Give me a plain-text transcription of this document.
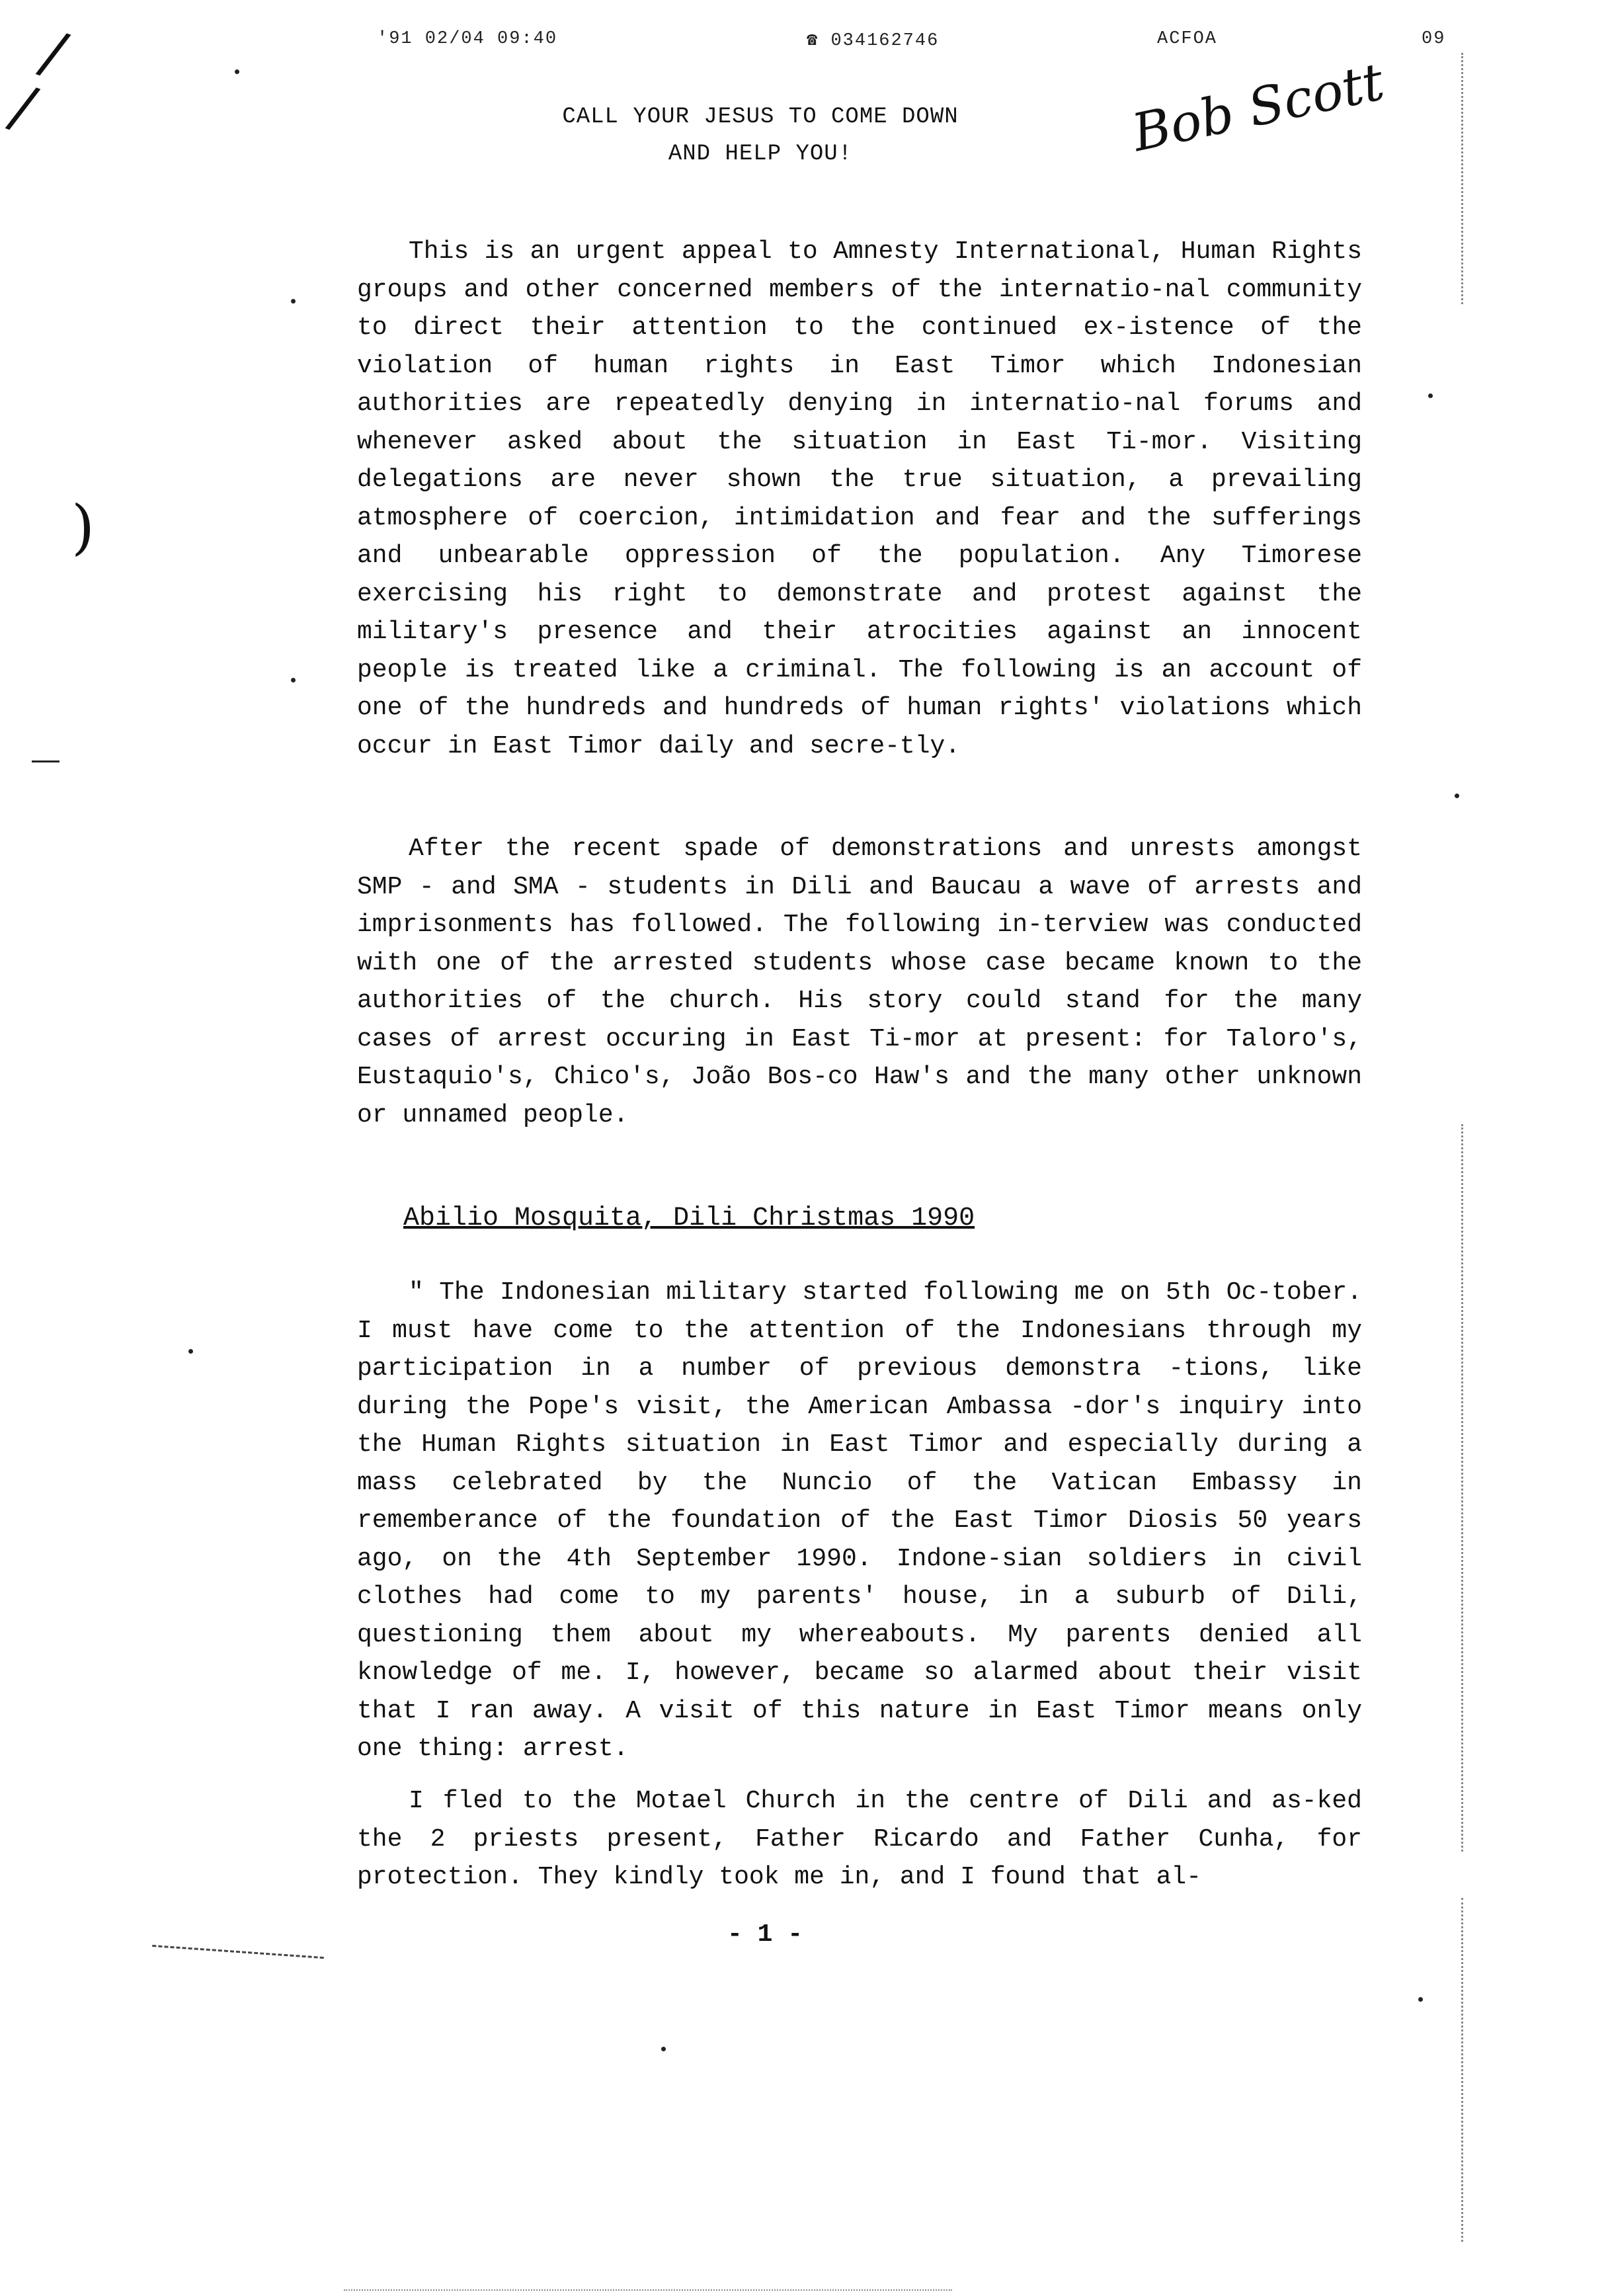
'91 02/04 09:40	☎ 034162746	ACFOA	09
CALL YOUR JESUS TO COME DOWN
AND HELP YOU!	Bob Scott

This is an urgent appeal to Amnesty International, Human Rights groups and other concerned members of the internatio-nal community to direct their attention to the continued ex-istence of the violation of human rights in East Timor which Indonesian authorities are repeatedly denying in internatio-nal forums and whenever asked about the situation in East Ti-mor. Visiting delegations are never shown the true situation, a prevailing atmosphere of coercion, intimidation and fear and the sufferings and unbearable oppression of the population. Any Timorese exercising his right to demonstrate and protest against the military's presence and their atrocities against an innocent people is treated like a criminal. The following is an account of one of the hundreds and hundreds of human rights' violations which occur in East Timor daily and secre-tly.

After the recent spade of demonstrations and unrests amongst SMP - and SMA - students in Dili and Baucau a wave of arrests and imprisonments has followed. The following in-terview was conducted with one of the arrested students whose case became known to the authorities of the church. His story could stand for the many cases of arrest occuring in East Ti-mor at present: for Taloro's, Eustaquio's, Chico's, João Bos-co Haw's and the many other unknown or unnamed people.

Abilio Mosquita, Dili Christmas 1990

" The Indonesian military started following me on 5th Oc-tober. I must have come to the attention of the Indonesians through my participation in a number of previous demonstra -tions, like during the Pope's visit, the American Ambassa -dor's inquiry into the Human Rights situation in East Timor and especially during a mass celebrated by the Nuncio of the Vatican Embassy in rememberance of the foundation of the East Timor Diosis 50 years ago, on the 4th September 1990. Indone-sian soldiers in civil clothes had come to my parents' house, in a suburb of Dili, questioning them about my whereabouts. My parents denied all knowledge of me. I, however, became so alarmed about their visit that I ran away. A visit of this nature in East Timor means only one thing: arrest.

I fled to the Motael Church in the centre of Dili and as-ked the 2 priests present, Father Ricardo and Father Cunha, for protection. They kindly took me in, and I found that al-

- 1 -
/
/
)
